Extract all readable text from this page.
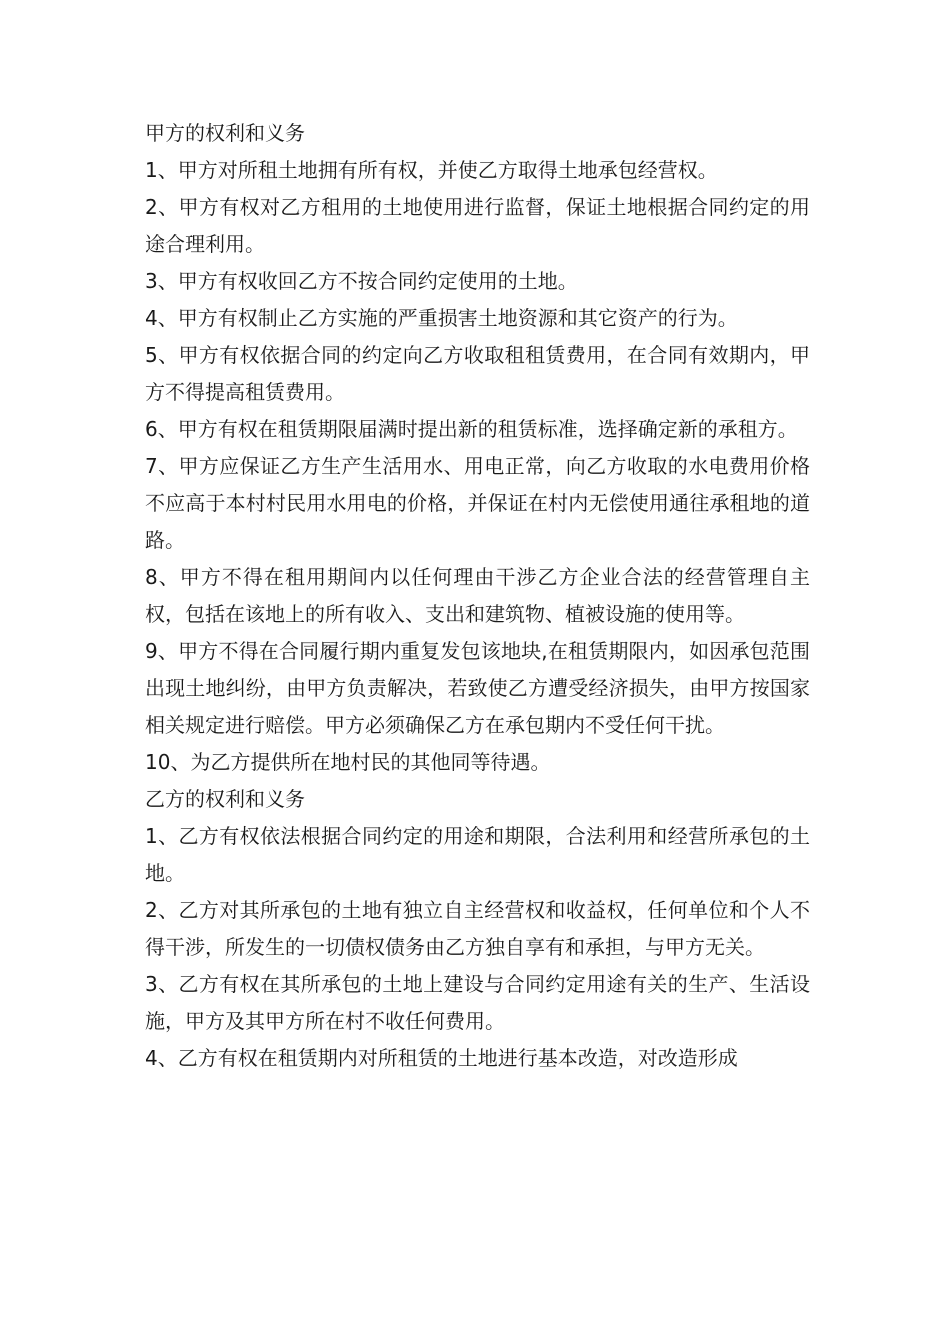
甲方的权利和义务

1、甲方对所租土地拥有所有权，并使乙方取得土地承包经营权。

2、甲方有权对乙方租用的土地使用进行监督，保证土地根据合同约定的用途合理利用。

3、甲方有权收回乙方不按合同约定使用的土地。

4、甲方有权制止乙方实施的严重损害土地资源和其它资产的行为。

5、甲方有权依据合同的约定向乙方收取租租赁费用，在合同有效期内，甲方不得提高租赁费用。

6、甲方有权在租赁期限届满时提出新的租赁标准，选择确定新的承租方。

7、甲方应保证乙方生产生活用水、用电正常，向乙方收取的水电费用价格不应高于本村村民用水用电的价格，并保证在村内无偿使用通往承租地的道路。

8、甲方不得在租用期间内以任何理由干涉乙方企业合法的经营管理自主权，包括在该地上的所有收入、支出和建筑物、植被设施的使用等。

9、甲方不得在合同履行期内重复发包该地块,在租赁期限内，如因承包范围出现土地纠纷，由甲方负责解决，若致使乙方遭受经济损失，由甲方按国家相关规定进行赔偿。甲方必须确保乙方在承包期内不受任何干扰。

10、为乙方提供所在地村民的其他同等待遇。

乙方的权利和义务

1、乙方有权依法根据合同约定的用途和期限，合法利用和经营所承包的土地。

2、乙方对其所承包的土地有独立自主经营权和收益权，任何单位和个人不得干涉，所发生的一切债权债务由乙方独自享有和承担，与甲方无关。

3、乙方有权在其所承包的土地上建设与合同约定用途有关的生产、生活设施，甲方及其甲方所在村不收任何费用。

4、乙方有权在租赁期内对所租赁的土地进行基本改造，对改造形成
